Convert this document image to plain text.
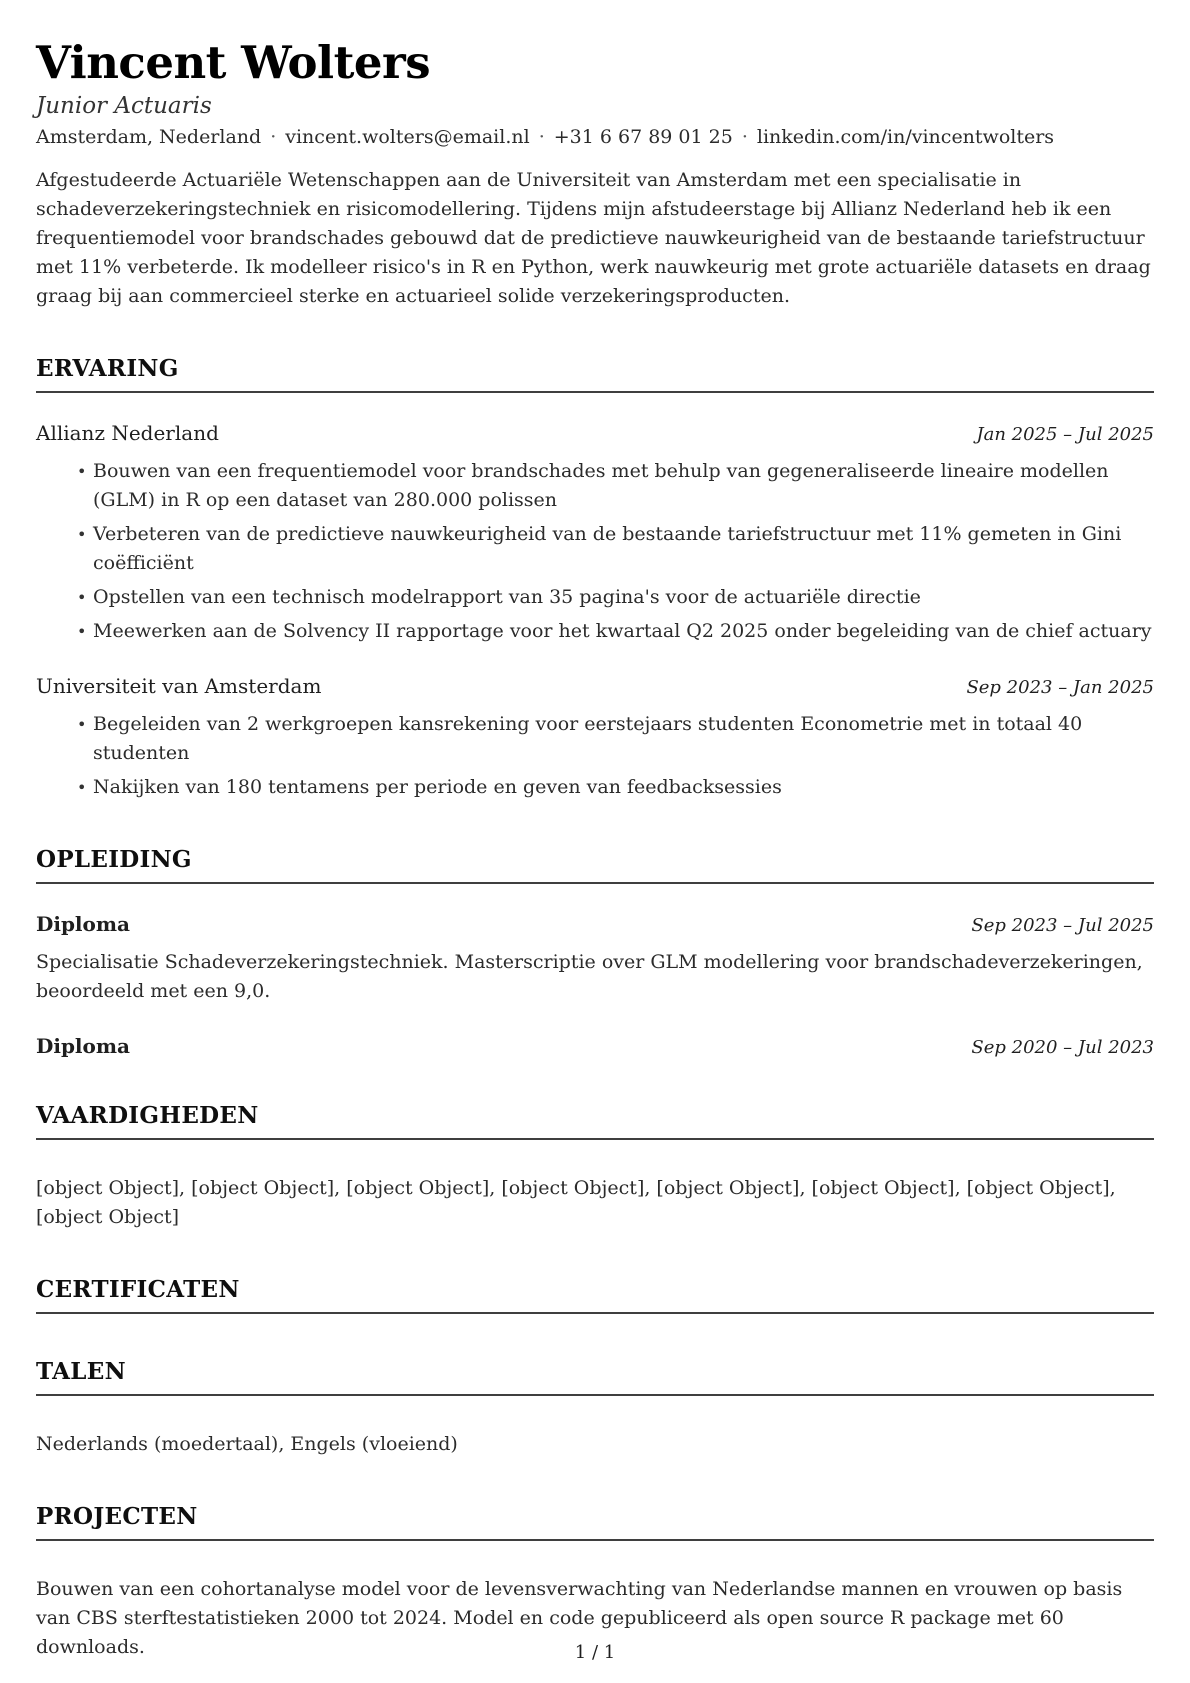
Vincent Wolters
Junior Actuaris
Amsterdam, Nederland · vincent.wolters@email.nl · +31 6 67 89 01 25 · linkedin.com/in/vincentwolters

Afgestudeerde Actuariële Wetenschappen aan de Universiteit van Amsterdam met een specialisatie in schadeverzekeringstechniek en risicomodellering. Tijdens mijn afstudeerstage bij Allianz Nederland heb ik een frequentiemodel voor brandschades gebouwd dat de predictieve nauwkeurigheid van de bestaande tariefstructuur met 11% verbeterde. Ik modelleer risico's in R en Python, werk nauwkeurig met grote actuariële datasets en draag graag bij aan commercieel sterke en actuarieel solide verzekeringsproducten.

ERVARING
Allianz Nederland	Jan 2025 – Jul 2025
• Bouwen van een frequentiemodel voor brandschades met behulp van gegeneraliseerde lineaire modellen (GLM) in R op een dataset van 280.000 polissen
• Verbeteren van de predictieve nauwkeurigheid van de bestaande tariefstructuur met 11% gemeten in Gini coëfficiënt
• Opstellen van een technisch modelrapport van 35 pagina's voor de actuariële directie
• Meewerken aan de Solvency II rapportage voor het kwartaal Q2 2025 onder begeleiding van de chief actuary
Universiteit van Amsterdam	Sep 2023 – Jan 2025
• Begeleiden van 2 werkgroepen kansrekening voor eerstejaars studenten Econometrie met in totaal 40 studenten
• Nakijken van 180 tentamens per periode en geven van feedbacksessies
OPLEIDING
Diploma	Sep 2023 – Jul 2025

Specialisatie Schadeverzekeringstechniek. Masterscriptie over GLM modellering voor brandschadeverzekeringen, beoordeeld met een 9,0.

Diploma	Sep 2020 – Jul 2023
VAARDIGHEDEN

[object Object], [object Object], [object Object], [object Object], [object Object], [object Object], [object Object], [object Object]

CERTIFICATEN
TALEN

Nederlands (moedertaal), Engels (vloeiend)

PROJECTEN

Bouwen van een cohortanalyse model voor de levensverwachting van Nederlandse mannen en vrouwen op basis van CBS sterftestatistieken 2000 tot 2024. Model en code gepubliceerd als open source R package met 60 downloads.	1 / 1
